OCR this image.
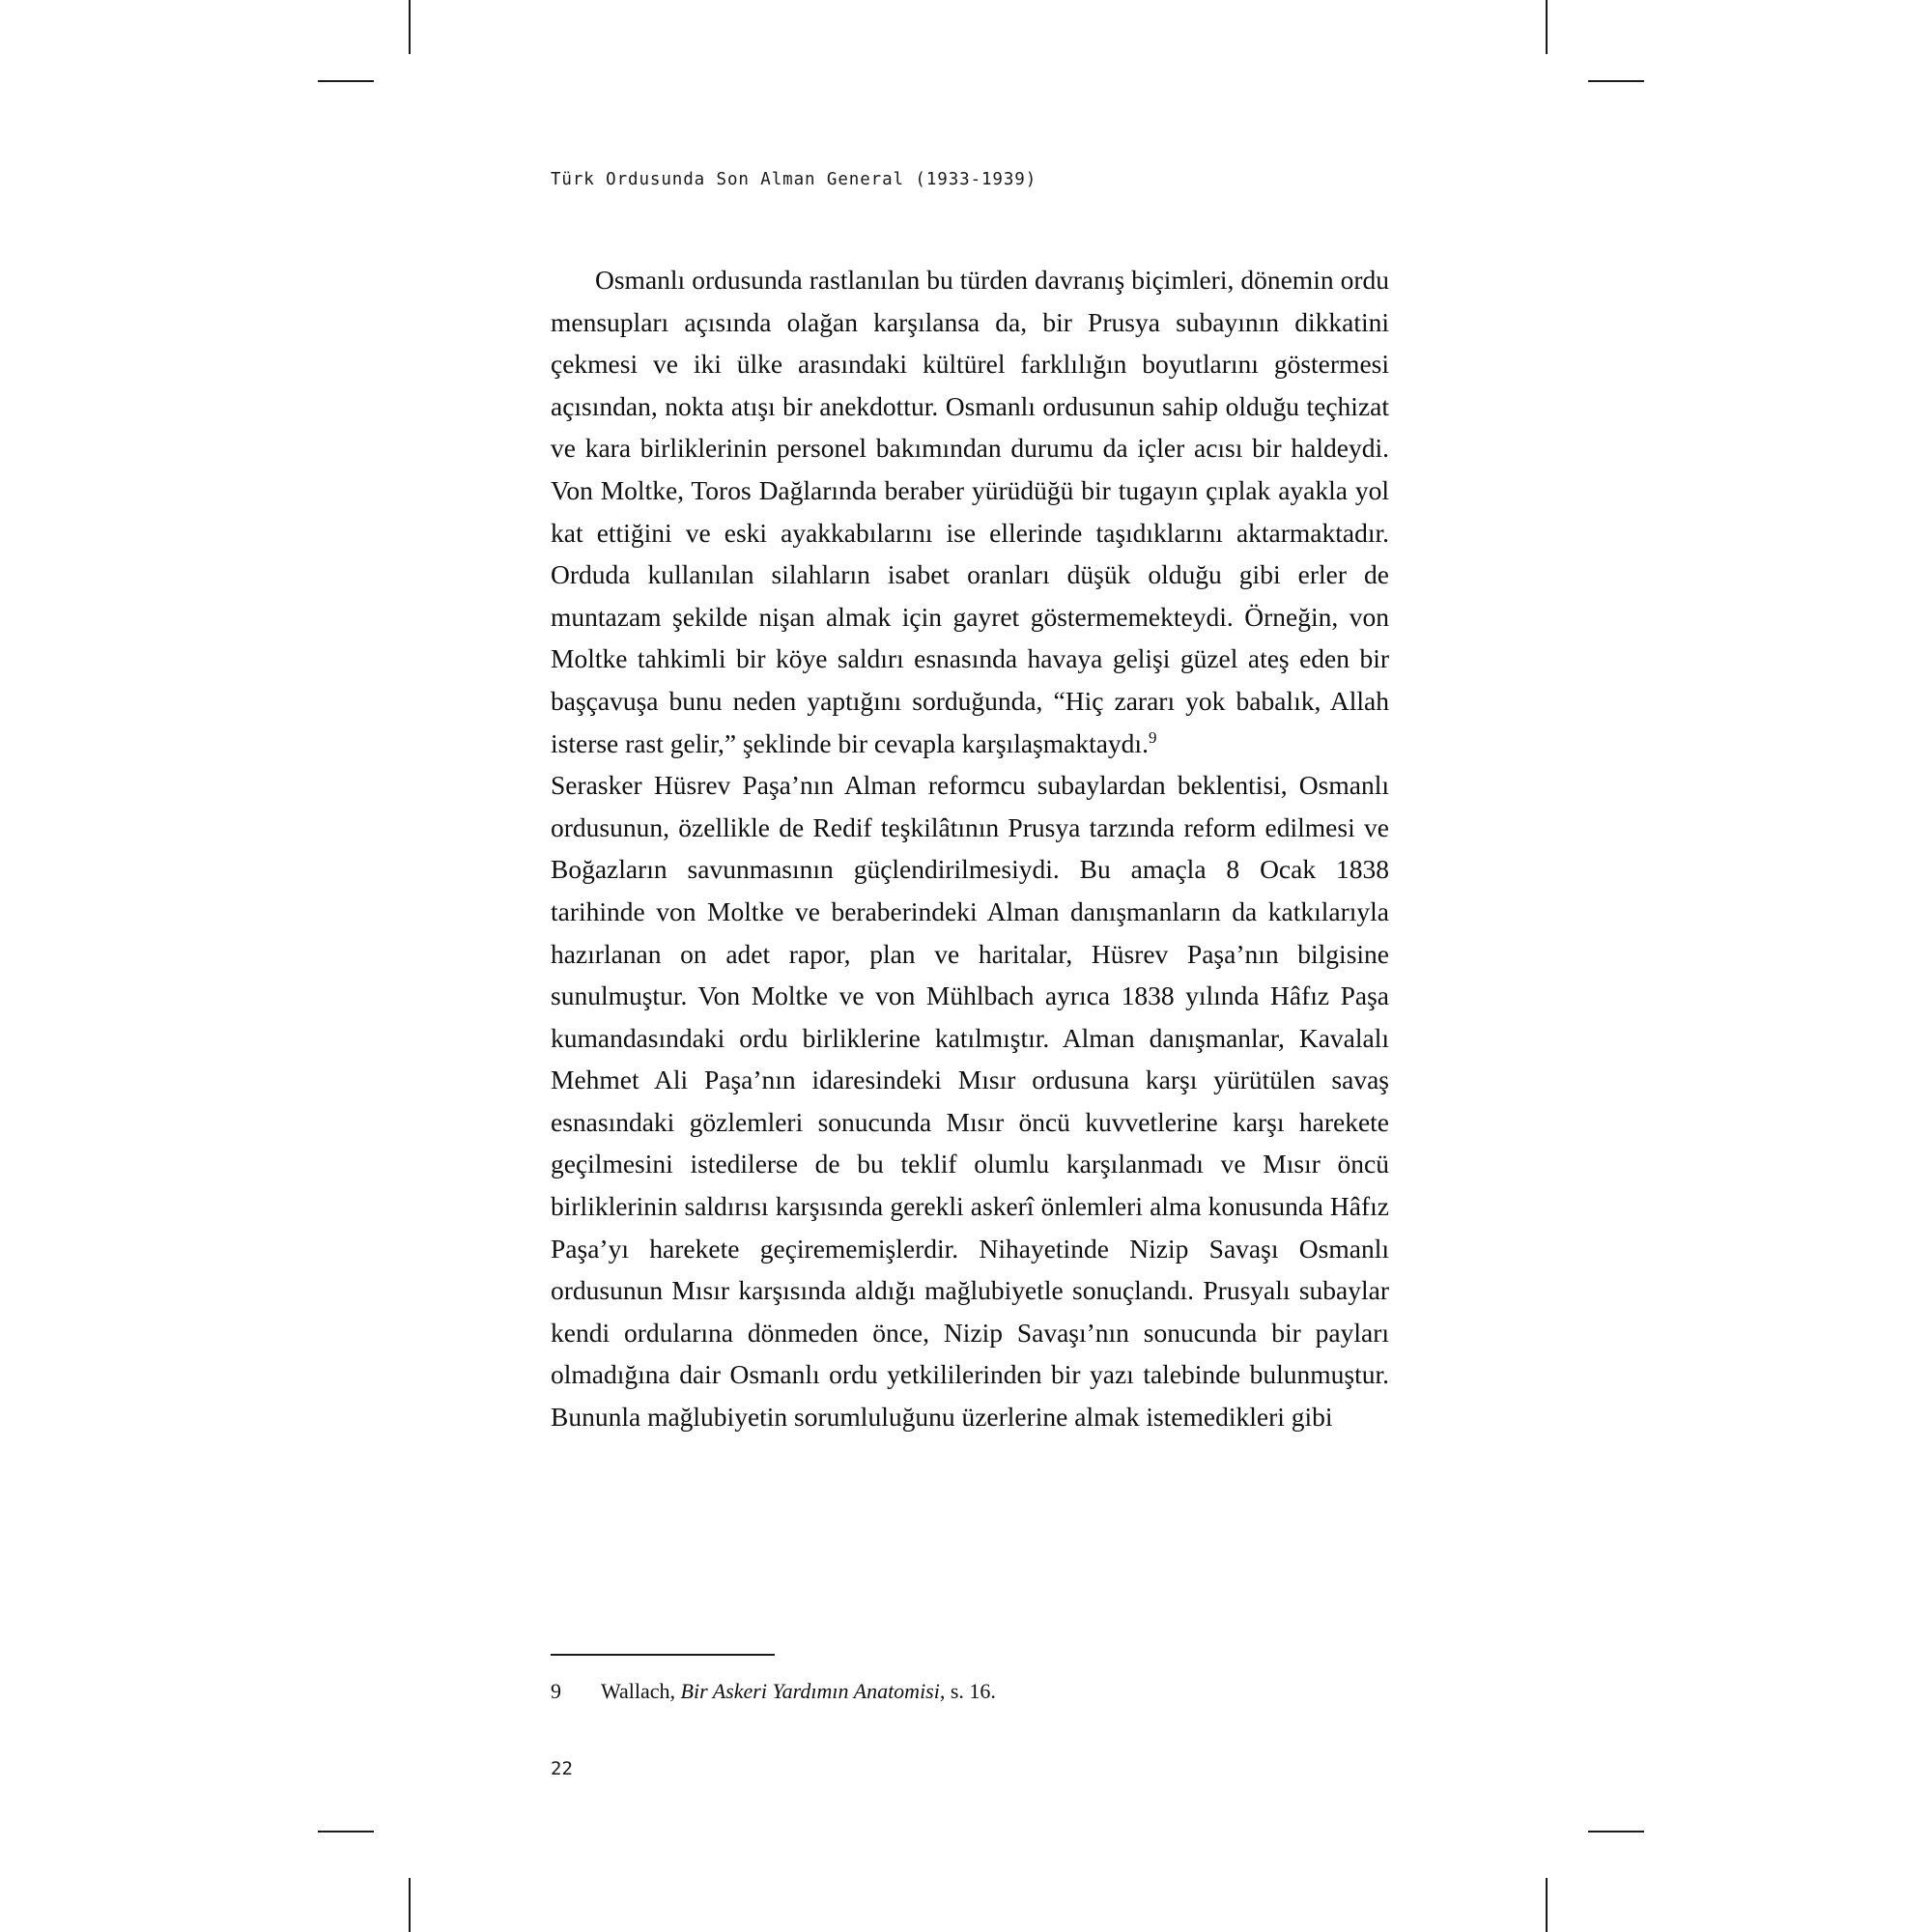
Türk Ordusunda Son Alman General (1933-1939)

Osmanlı ordusunda rastlanılan bu türden davranış biçimleri, dönemin ordu mensupları açısında olağan karşılansa da, bir Prusya subayının dikkatini çekmesi ve iki ülke arasındaki kültürel farklılığın boyutlarını göstermesi açısından, nokta atışı bir anekdottur. Osmanlı ordusunun sahip olduğu teçhizat ve kara birliklerinin personel bakımından durumu da içler acısı bir haldeydi. Von Moltke, Toros Dağlarında beraber yürüdüğü bir tugayın çıplak ayakla yol kat ettiğini ve eski ayakkabılarını ise ellerinde taşıdıklarını aktarmaktadır. Orduda kullanılan silahların isabet oranları düşük olduğu gibi erler de muntazam şekilde nişan almak için gayret göstermemekteydi. Örneğin, von Moltke tahkimli bir köye saldırı esnasında havaya gelişi güzel ateş eden bir başçavuşa bunu neden yaptığını sorduğunda, “Hiç zararı yok babalık, Allah isterse rast gelir,” şeklinde bir cevapla karşılaşmaktaydı.$^9$

Serasker Hüsrev Paşa’nın Alman reformcu subaylardan beklentisi, Osmanlı ordusunun, özellikle de Redif teşkilâtının Prusya tarzında reform edilmesi ve Boğazların savunmasının güçlendirilmesiydi. Bu amaçla 8 Ocak 1838 tarihinde von Moltke ve beraberindeki Alman danışmanların da katkılarıyla hazırlanan on adet rapor, plan ve haritalar, Hüsrev Paşa’nın bilgisine sunulmuştur. Von Moltke ve von Mühlbach ayrıca 1838 yılında Hâfız Paşa kumandasındaki ordu birliklerine katılmıştır. Alman danışmanlar, Kavalalı Mehmet Ali Paşa’nın idaresindeki Mısır ordusuna karşı yürütülen savaş esnasındaki gözlemleri sonucunda Mısır öncü kuvvetlerine karşı harekete geçilmesini istedilerse de bu teklif olumlu karşılanmadı ve Mısır öncü birliklerinin saldırısı karşısında gerekli askerî önlemleri alma konusunda Hâfız Paşa’yı harekete geçirememişlerdir. Nihayetinde Nizip Savaşı Osmanlı ordusunun Mısır karşısında aldığı mağlubiyetle sonuçlandı. Prusyalı subaylar kendi ordularına dönmeden önce, Nizip Savaşı’nın sonucunda bir payları olmadığına dair Osmanlı ordu yetkililerinden bir yazı talebinde bulunmuştur. Bununla mağlubiyetin sorumluluğunu üzerlerine almak istemedikleri gibi

9 Wallach, Bir Askeri Yardımın Anatomisi, s. 16.
22
